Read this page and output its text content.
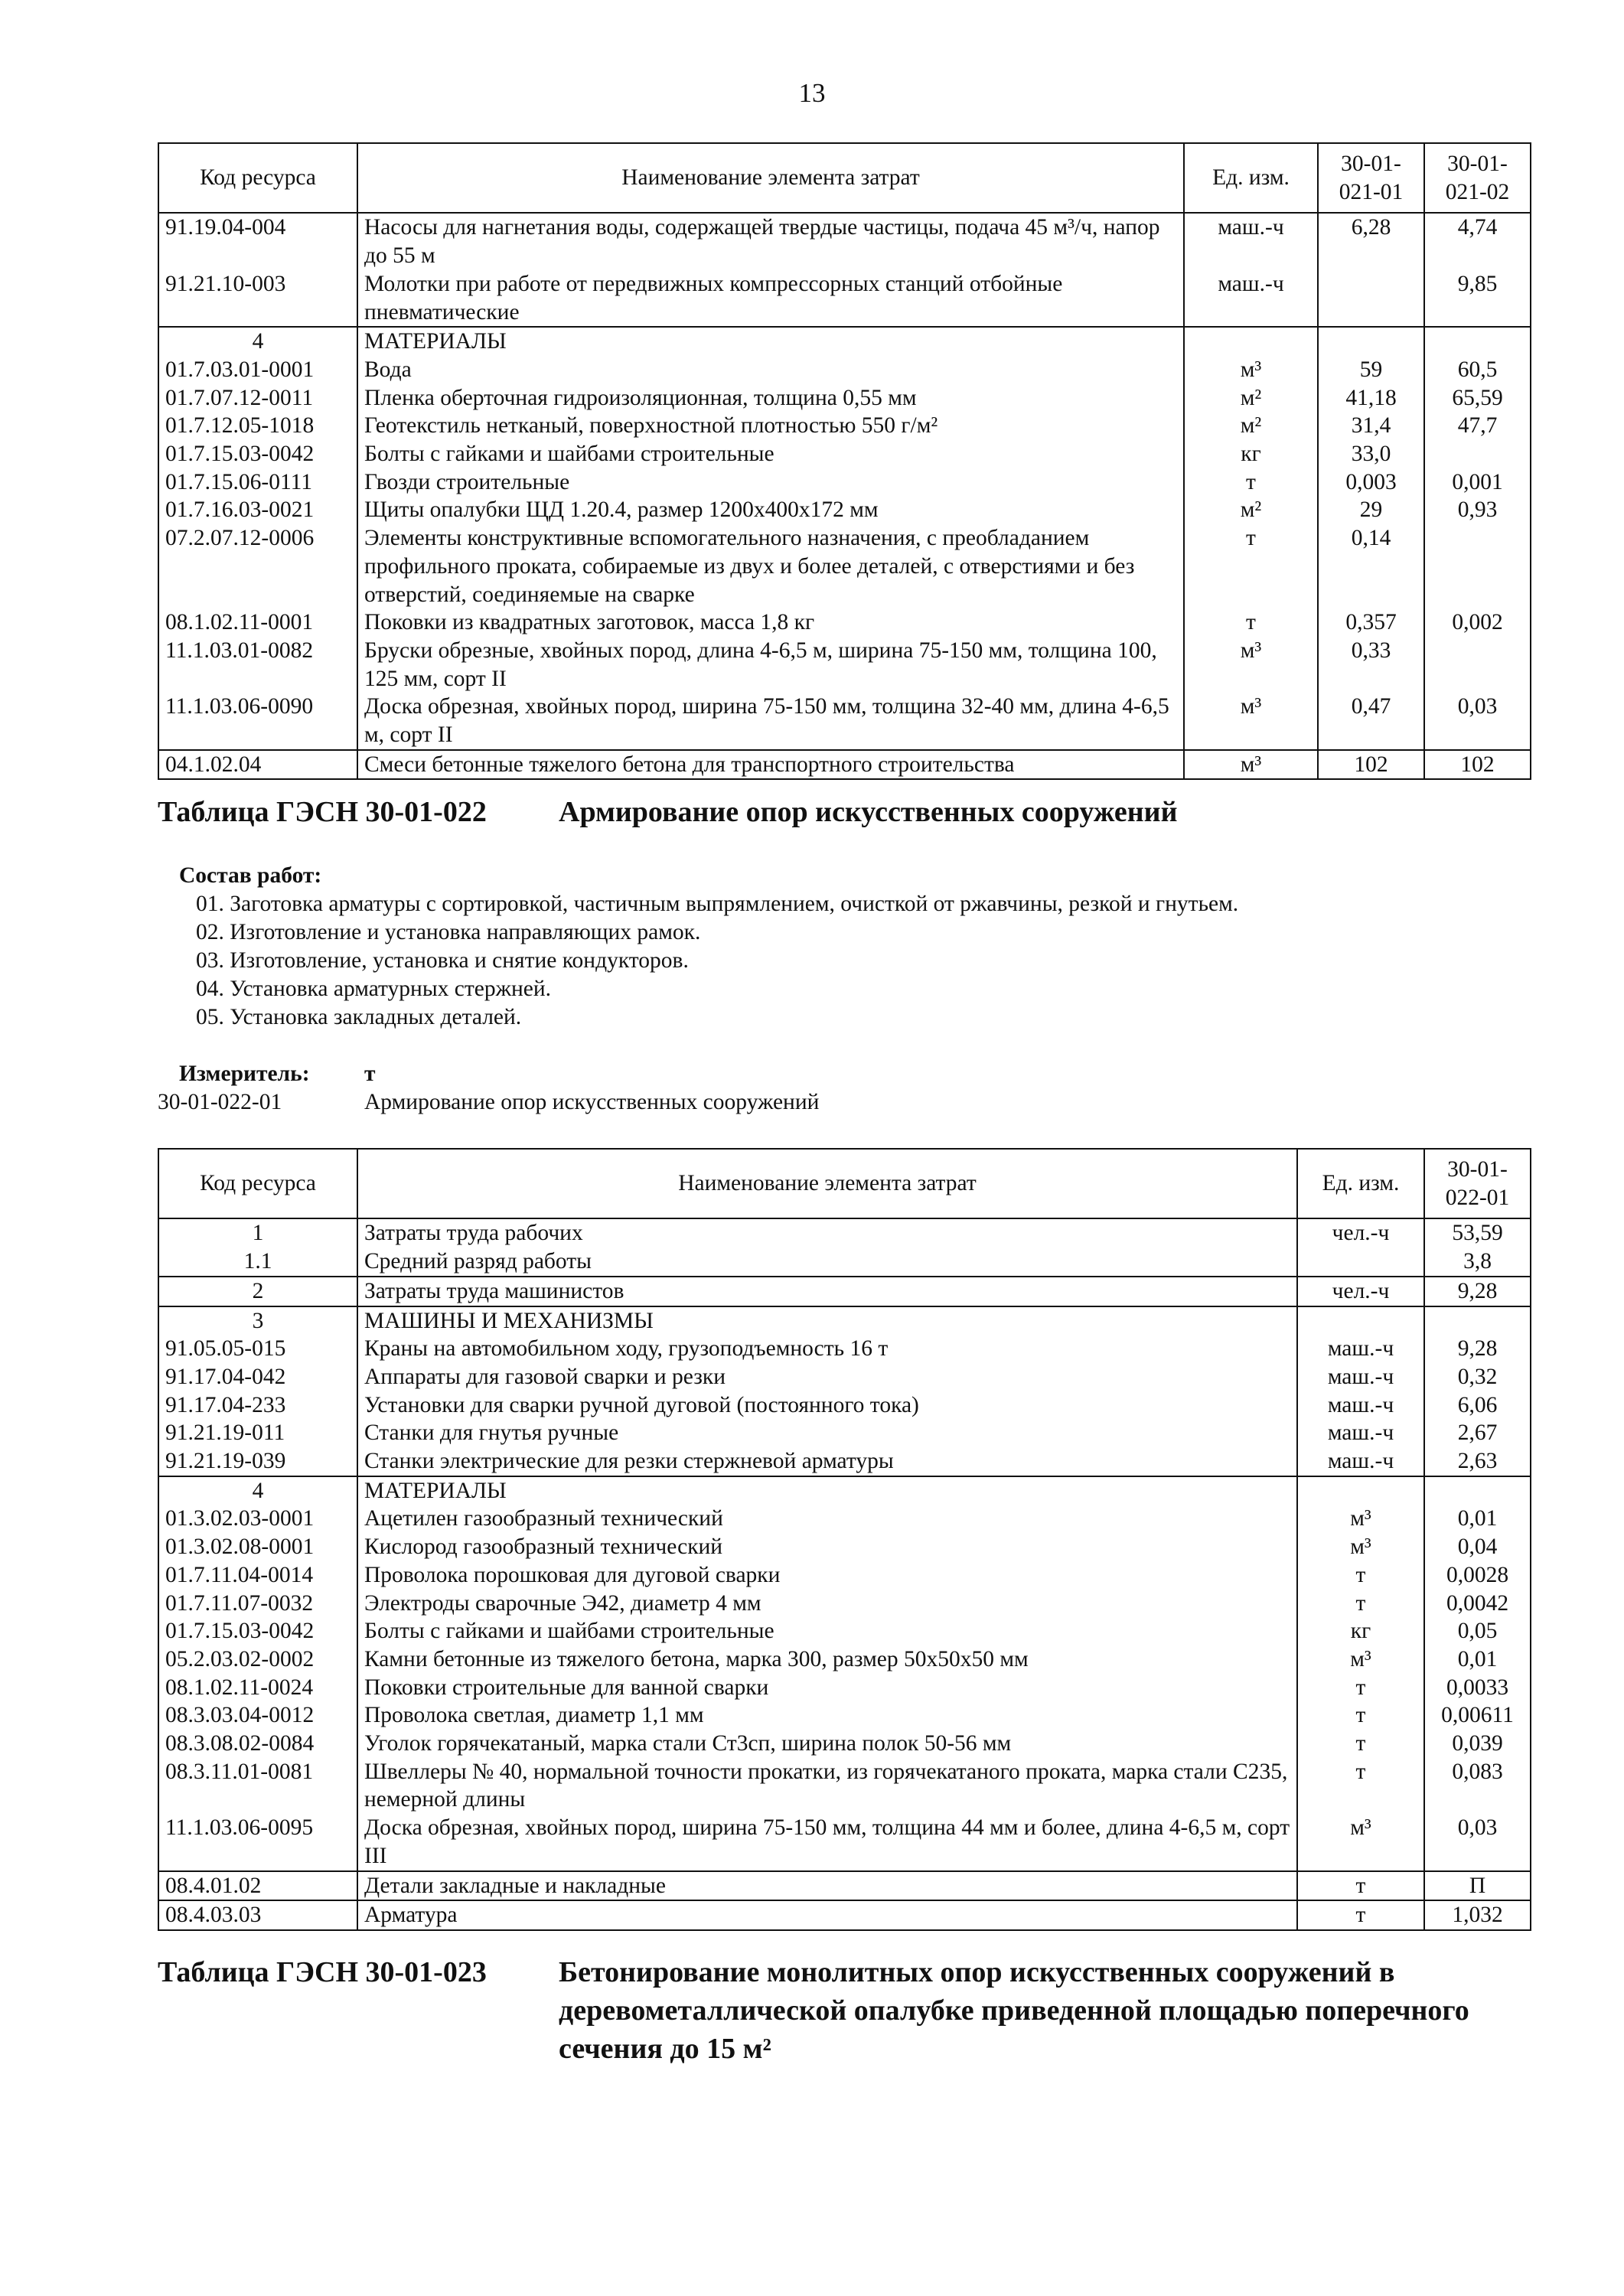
13
Код ресурса	Наименование элемента затрат	Ед. изм.	30-01-021-01	30-01-021-02
91.19.04-004	Насосы для нагнетания воды, содержащей твердые частицы, подача 45 м³/ч, напор до 55 м	маш.-ч	6,28	4,74
91.21.10-003	Молотки при работе от передвижных компрессорных станций отбойные пневматические	маш.-ч		9,85
4	МАТЕРИАЛЫ			
01.7.03.01-0001	Вода	м³	59	60,5
01.7.07.12-0011	Пленка оберточная гидроизоляционная, толщина 0,55 мм	м²	41,18	65,59
01.7.12.05-1018	Геотекстиль нетканый, поверхностной плотностью 550 г/м²	м²	31,4	47,7
01.7.15.03-0042	Болты с гайками и шайбами строительные	кг	33,0	
01.7.15.06-0111	Гвозди строительные	т	0,003	0,001
01.7.16.03-0021	Щиты опалубки ЩД 1.20.4, размер 1200х400х172 мм	м²	29	0,93
07.2.07.12-0006	Элементы конструктивные вспомогательного назначения, с преобладанием профильного проката, собираемые из двух и более деталей, с отверстиями и без отверстий, соединяемые на сварке	т	0,14	
08.1.02.11-0001	Поковки из квадратных заготовок, масса 1,8 кг	т	0,357	0,002
11.1.03.01-0082	Бруски обрезные, хвойных пород, длина 4-6,5 м, ширина 75-150 мм, толщина 100, 125 мм, сорт II	м³	0,33	
11.1.03.06-0090	Доска обрезная, хвойных пород, ширина 75-150 мм, толщина 32-40 мм, длина 4-6,5 м, сорт II	м³	0,47	0,03
04.1.02.04	Смеси бетонные тяжелого бетона для транспортного строительства	м³	102	102
Таблица ГЭСН 30-01-022 Армирование опор искусственных сооружений
Состав работ:
01. Заготовка арматуры с сортировкой, частичным выпрямлением, очисткой от ржавчины, резкой и гнутьем.
02. Изготовление и установка направляющих рамок.
03. Изготовление, установка и снятие кондукторов.
04. Установка арматурных стержней.
05. Установка закладных деталей.
Измеритель: т
30-01-022-01	Армирование опор искусственных сооружений
Код ресурса	Наименование элемента затрат	Ед. изм.	30-01-022-01
1	Затраты труда рабочих	чел.-ч	53,59
1.1	Средний разряд работы		3,8
2	Затраты труда машинистов	чел.-ч	9,28
3	МАШИНЫ И МЕХАНИЗМЫ		
91.05.05-015	Краны на автомобильном ходу, грузоподъемность 16 т	маш.-ч	9,28
91.17.04-042	Аппараты для газовой сварки и резки	маш.-ч	0,32
91.17.04-233	Установки для сварки ручной дуговой (постоянного тока)	маш.-ч	6,06
91.21.19-011	Станки для гнутья ручные	маш.-ч	2,67
91.21.19-039	Станки электрические для резки стержневой арматуры	маш.-ч	2,63
4	МАТЕРИАЛЫ		
01.3.02.03-0001	Ацетилен газообразный технический	м³	0,01
01.3.02.08-0001	Кислород газообразный технический	м³	0,04
01.7.11.04-0014	Проволока порошковая для дуговой сварки	т	0,0028
01.7.11.07-0032	Электроды сварочные Э42, диаметр 4 мм	т	0,0042
01.7.15.03-0042	Болты с гайками и шайбами строительные	кг	0,05
05.2.03.02-0002	Камни бетонные из тяжелого бетона, марка 300, размер 50х50х50 мм	м³	0,01
08.1.02.11-0024	Поковки строительные для ванной сварки	т	0,0033
08.3.03.04-0012	Проволока светлая, диаметр 1,1 мм	т	0,00611
08.3.08.02-0084	Уголок горячекатаный, марка стали Ст3сп, ширина полок 50-56 мм	т	0,039
08.3.11.01-0081	Швеллеры № 40, нормальной точности прокатки, из горячекатаного проката, марка стали С235, немерной длины	т	0,083
11.1.03.06-0095	Доска обрезная, хвойных пород, ширина 75-150 мм, толщина 44 мм и более, длина 4-6,5 м, сорт III	м³	0,03
08.4.01.02	Детали закладные и накладные	т	П
08.4.03.03	Арматура	т	1,032
Таблица ГЭСН 30-01-023 Бетонирование монолитных опор искусственных сооружений в деревометаллической опалубке приведенной площадью поперечного сечения до 15 м²
